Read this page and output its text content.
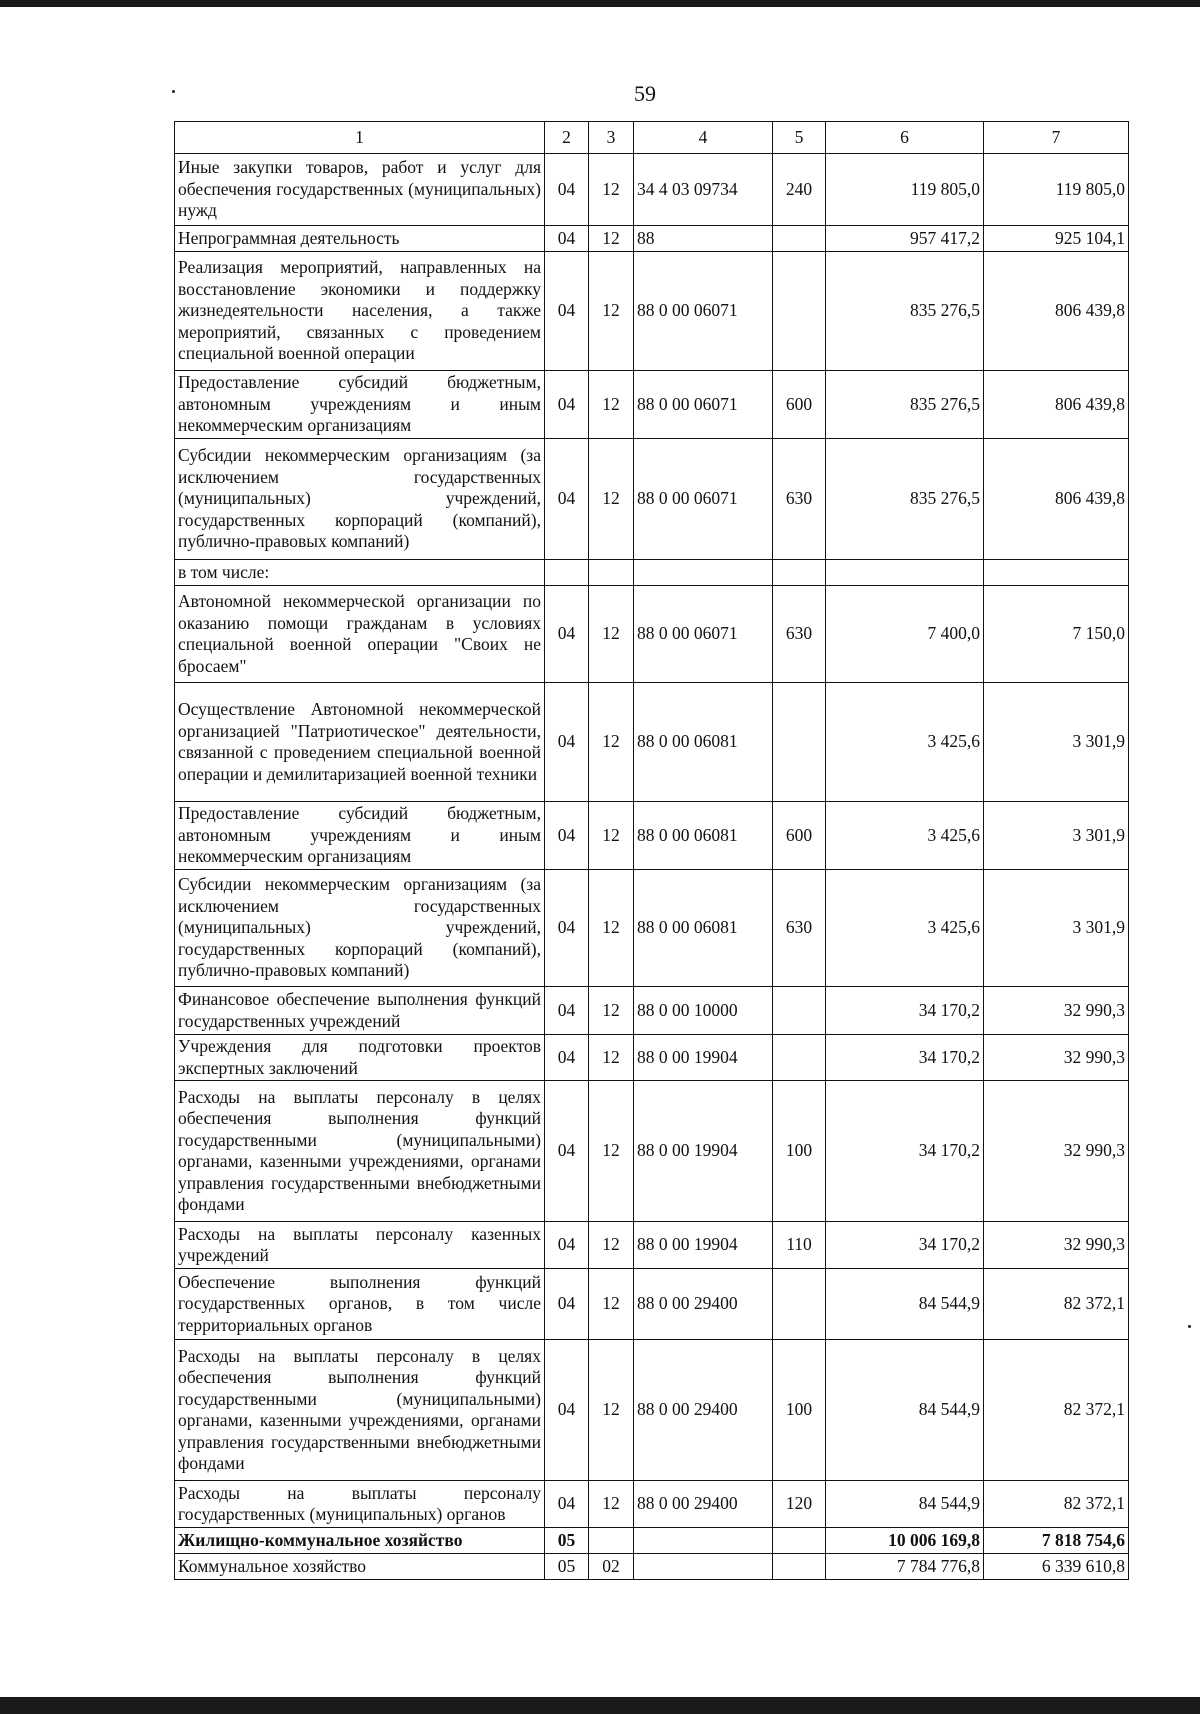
59
1	2	3	4	5	6	7
Иные закупки товаров, работ и услуг для обеспечения государственных (муниципальных) нужд	04	12	34 4 03 09734	240	119 805,0	119 805,0
Непрограммная деятельность	04	12	88		957 417,2	925 104,1
Реализация мероприятий, направленных на восстановление экономики и поддержку жизнедеятельности населения, а также мероприятий, связанных с проведением специальной военной операции	04	12	88 0 00 06071		835 276,5	806 439,8
Предоставление субсидий бюджетным, автономным учреждениям и иным некоммерческим организациям	04	12	88 0 00 06071	600	835 276,5	806 439,8
Субсидии некоммерческим организациям (за исключением государственных (муниципальных) учреждений, государственных корпораций (компаний), публично-правовых компаний)	04	12	88 0 00 06071	630	835 276,5	806 439,8
в том числе:						
Автономной некоммерческой организации по оказанию помощи гражданам в условиях специальной военной операции "Своих не бросаем"	04	12	88 0 00 06071	630	7 400,0	7 150,0
Осуществление Автономной некоммерческой организацией "Патриотическое" деятельности, связанной с проведением специальной военной операции и демилитаризацией военной техники	04	12	88 0 00 06081		3 425,6	3 301,9
Предоставление субсидий бюджетным, автономным учреждениям и иным некоммерческим организациям	04	12	88 0 00 06081	600	3 425,6	3 301,9
Субсидии некоммерческим организациям (за исключением государственных (муниципальных) учреждений, государственных корпораций (компаний), публично-правовых компаний)	04	12	88 0 00 06081	630	3 425,6	3 301,9
Финансовое обеспечение выполнения функций государственных учреждений	04	12	88 0 00 10000		34 170,2	32 990,3
Учреждения для подготовки проектов экспертных заключений	04	12	88 0 00 19904		34 170,2	32 990,3
Расходы на выплаты персоналу в целях обеспечения выполнения функций государственными (муниципальными) органами, казенными учреждениями, органами управления государственными внебюджетными фондами	04	12	88 0 00 19904	100	34 170,2	32 990,3
Расходы на выплаты персоналу казенных учреждений	04	12	88 0 00 19904	110	34 170,2	32 990,3
Обеспечение выполнения функций государственных органов, в том числе территориальных органов	04	12	88 0 00 29400		84 544,9	82 372,1
Расходы на выплаты персоналу в целях обеспечения выполнения функций государственными (муниципальными) органами, казенными учреждениями, органами управления государственными внебюджетными фондами	04	12	88 0 00 29400	100	84 544,9	82 372,1
Расходы на выплаты персоналу государственных (муниципальных) органов	04	12	88 0 00 29400	120	84 544,9	82 372,1
Жилищно-коммунальное хозяйство	05				10 006 169,8	7 818 754,6
Коммунальное хозяйство	05	02			7 784 776,8	6 339 610,8
